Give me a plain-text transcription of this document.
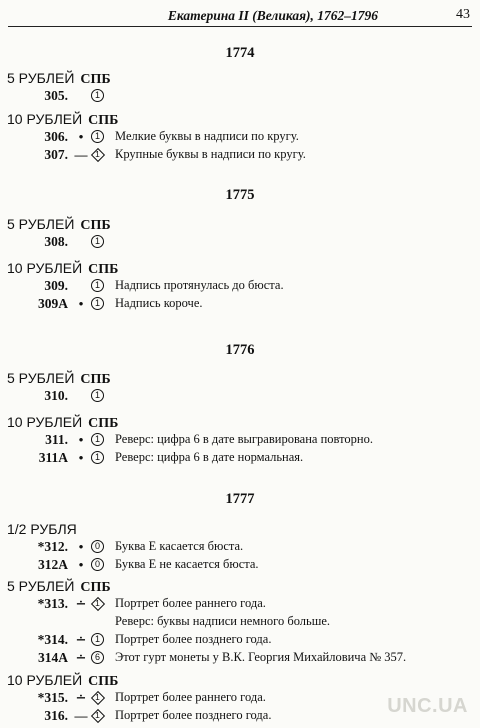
Екатерина II (Великая), 1762–1796	43
1774
5 РУБЛЕЙ СПБ
305.	1
10 РУБЛЕЙ СПБ
306. •	1	Мелкие буквы в надписи по кругу.
307. — 1	Крупные буквы в надписи по кругу.
1775
5 РУБЛЕЙ СПБ
308.	1
10 РУБЛЕЙ СПБ
309.	1	Надпись протянулась до бюста.
309А •	1	Надпись короче.
1776
5 РУБЛЕЙ СПБ
310.	1
10 РУБЛЕЙ СПБ
311. •	1	Реверс: цифра 6 в дате выгравирована повторно.
311А •	1	Реверс: цифра 6 в дате нормальная.
1777
1/2 РУБЛЯ
*312. •	0	Буква Е касается бюста.
312А •	0	Буква Е не касается бюста.
5 РУБЛЕЙ СПБ
*313. ∸	1	Портрет более раннего года.
Реверс: буквы надписи немного больше.
*314. ∸ 1	Портрет более позднего года.
314А ∸ 6	Этот гурт монеты у В.К. Георгия Михайловича № 357.
10 РУБЛЕЙ СПБ
*315. ∸	1	Портрет более раннего года.
316. — 1	Портрет более позднего года.	UNC.UA
